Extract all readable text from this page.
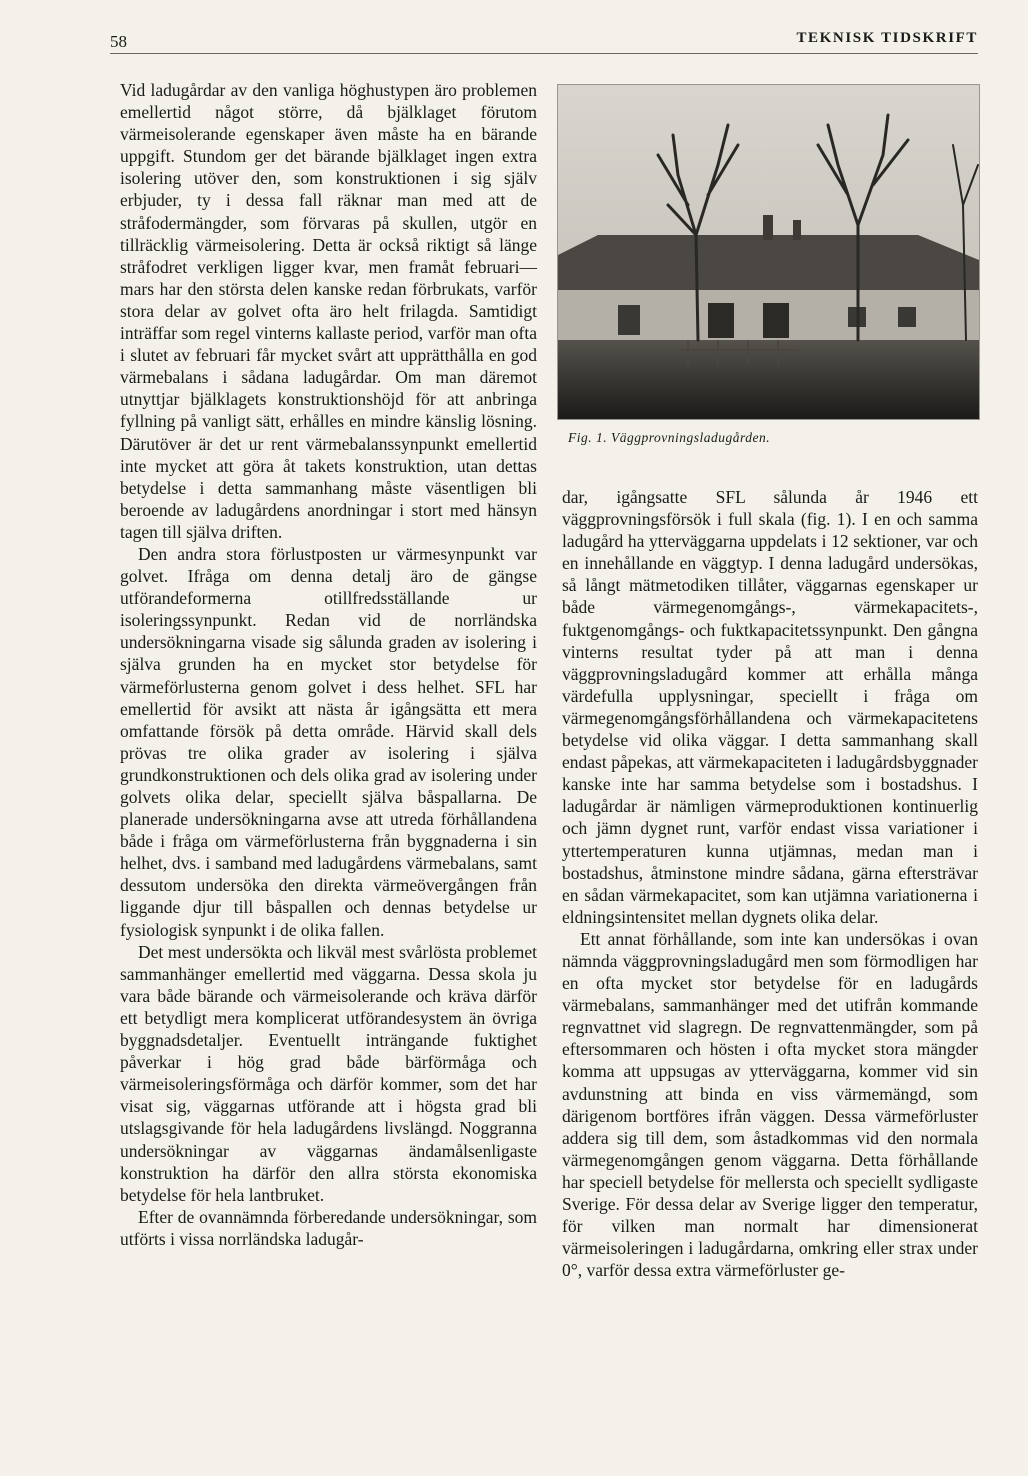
58	TEKNISK TIDSKRIFT

Vid ladugårdar av den vanliga höghustypen äro problemen emellertid något större, då bjälklaget förutom värmeisolerande egenskaper även måste ha en bärande uppgift. Stundom ger det bärande bjälklaget ingen extra isolering utöver den, som konstruktionen i sig själv erbjuder, ty i dessa fall räknar man med att de stråfodermängder, som förvaras på skullen, utgör en tillräcklig värmeisolering. Detta är också riktigt så länge stråfodret verkligen ligger kvar, men framåt februari—mars har den största delen kanske redan förbrukats, varför stora delar av golvet ofta äro helt frilagda. Samtidigt inträffar som regel vinterns kallaste period, varför man ofta i slutet av februari får mycket svårt att upprätthålla en god värmebalans i sådana ladugårdar. Om man däremot utnyttjar bjälklagets konstruktionshöjd för att anbringa fyllning på vanligt sätt, erhålles en mindre känslig lösning. Därutöver är det ur rent värmebalanssynpunkt emellertid inte mycket att göra åt takets konstruktion, utan dettas betydelse i detta sammanhang måste väsentligen bli beroende av ladugårdens anordningar i stort med hänsyn tagen till själva driften.

Den andra stora förlustposten ur värmesynpunkt var golvet. Ifråga om denna detalj äro de gängse utförandeformerna otillfredsställande ur isoleringssynpunkt. Redan vid de norrländska undersökningarna visade sig sålunda graden av isolering i själva grunden ha en mycket stor betydelse för värmeförlusterna genom golvet i dess helhet. SFL har emellertid för avsikt att nästa år igångsätta ett mera omfattande försök på detta område. Härvid skall dels prövas tre olika grader av isolering i själva grundkonstruktionen och dels olika grad av isolering under golvets olika delar, speciellt själva båspallarna. De planerade undersökningarna avse att utreda förhållandena både i fråga om värmeförlusterna från byggnaderna i sin helhet, dvs. i samband med ladugårdens värmebalans, samt dessutom undersöka den direkta värmeövergången från liggande djur till båspallen och dennas betydelse ur fysiologisk synpunkt i de olika fallen.

Det mest undersökta och likväl mest svårlösta problemet sammanhänger emellertid med väggarna. Dessa skola ju vara både bärande och värmeisolerande och kräva därför ett betydligt mera komplicerat utförandesystem än övriga byggnadsdetaljer. Eventuellt inträngande fuktighet påverkar i hög grad både bärförmåga och värmeisoleringsförmåga och därför kommer, som det har visat sig, väggarnas utförande att i högsta grad bli utslagsgivande för hela ladugårdens livslängd. Noggranna undersökningar av väggarnas ändamålsenligaste konstruktion ha därför den allra största ekonomiska betydelse för hela lantbruket.

Efter de ovannämnda förberedande undersökningar, som utförts i vissa norrländska ladugår-

Fig. 1. Väggprovningsladugården.

dar, igångsatte SFL sålunda år 1946 ett väggprovningsförsök i full skala (fig. 1). I en och samma ladugård ha ytterväggarna uppdelats i 12 sektioner, var och en innehållande en väggtyp. I denna ladugård undersökas, så långt mätmetodiken tillåter, väggarnas egenskaper ur både värmegenomgångs-, värmekapacitets-, fuktgenomgångs- och fuktkapacitetssynpunkt. Den gångna vinterns resultat tyder på att man i denna väggprovningsladugård kommer att erhålla många värdefulla upplysningar, speciellt i fråga om värmegenomgångsförhållandena och värmekapacitetens betydelse vid olika väggar. I detta sammanhang skall endast påpekas, att värmekapaciteten i ladugårdsbyggnader kanske inte har samma betydelse som i bostadshus. I ladugårdar är nämligen värmeproduktionen kontinuerlig och jämn dygnet runt, varför endast vissa variationer i yttertemperaturen kunna utjämnas, medan man i bostadshus, åtminstone mindre sådana, gärna eftersträvar en sådan värmekapacitet, som kan utjämna variationerna i eldningsintensitet mellan dygnets olika delar.

Ett annat förhållande, som inte kan undersökas i ovan nämnda väggprovningsladugård men som förmodligen har en ofta mycket stor betydelse för en ladugårds värmebalans, sammanhänger med det utifrån kommande regnvattnet vid slagregn. De regnvattenmängder, som på eftersommaren och hösten i ofta mycket stora mängder komma att uppsugas av ytterväggarna, kommer vid sin avdunstning att binda en viss värmemängd, som därigenom bortföres ifrån väggen. Dessa värmeförluster addera sig till dem, som åstadkommas vid den normala värmegenomgången genom väggarna. Detta förhållande har speciell betydelse för mellersta och speciellt sydligaste Sverige. För dessa delar av Sverige ligger den temperatur, för vilken man normalt har dimensionerat värmeisoleringen i ladugårdarna, omkring eller strax under 0°, varför dessa extra värmeförluster ge-
